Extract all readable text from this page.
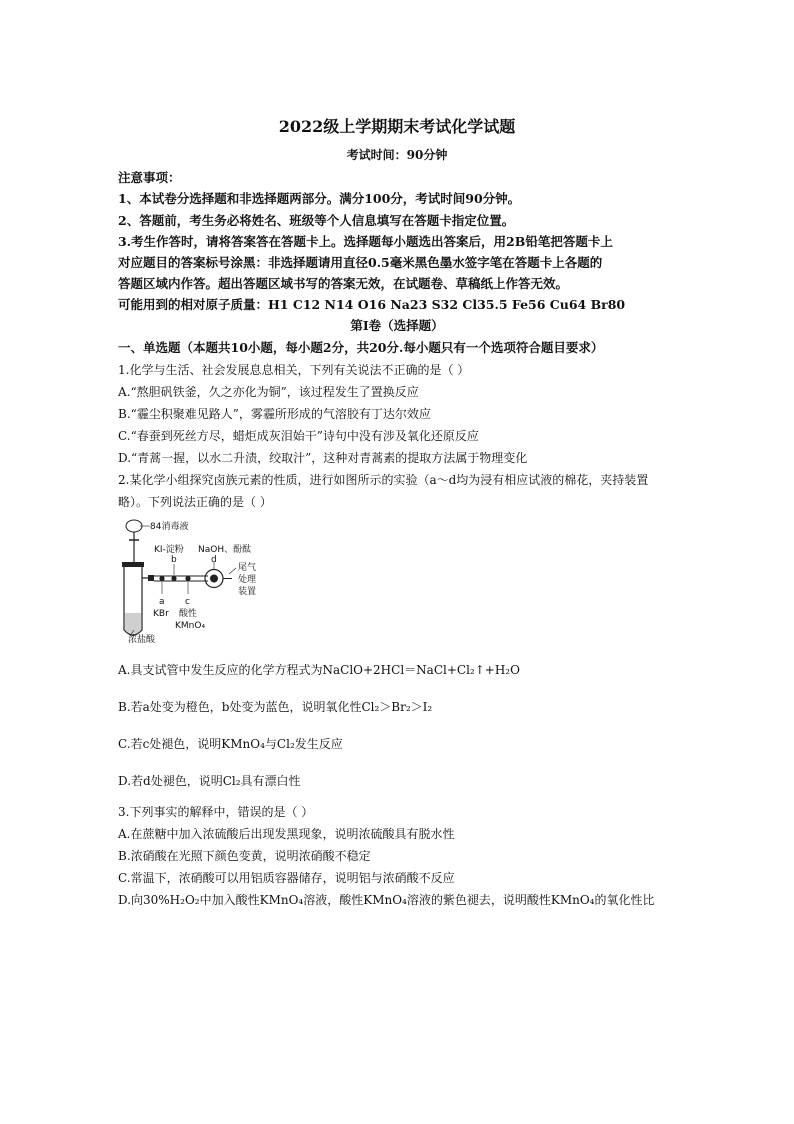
2022级上学期期末考试化学试题
考试时间：90分钟
注意事项：
1、本试卷分选择题和非选择题两部分。满分100分，考试时间90分钟。
2、答题前，考生务必将姓名、班级等个人信息填写在答题卡指定位置。
3.考生作答时，请将答案答在答题卡上。选择题每小题选出答案后，用2B铅笔把答题卡上
对应题目的答案标号涂黑：非选择题请用直径0.5毫米黑色墨水签字笔在答题卡上各题的
答题区域内作答。超出答题区域书写的答案无效，在试题卷、草稿纸上作答无效。
可能用到的相对原子质量：H1 C12 N14 O16 Na23 S32 Cl35.5 Fe56 Cu64 Br80
第I卷（选择题）
一、单选题（本题共10小题，每小题2分，共20分.每小题只有一个选项符合题目要求）
1.化学与生活、社会发展息息相关，下列有关说法不正确的是（ ）
A.“熬胆矾铁釜，久之亦化为铜”，该过程发生了置换反应
B.“霾尘积聚难见路人”，雾霾所形成的气溶胶有丁达尔效应
C.“春蚕到死丝方尽，蜡炬成灰泪始干”诗句中没有涉及氧化还原反应
D.“青蒿一握，以水二升渍，绞取汁”，这种对青蒿素的提取方法属于物理变化
2.某化学小组探究卤族元素的性质，进行如图所示的实验（a～d均为浸有相应试液的棉花，夹持装置
略）。下列说法正确的是（ ）
84消毒液
KI-淀粉
b
NaOH、酚酞
d
尾气
处理
装置
a
KBr
c
酸性
KMnO₄
浓盐酸
A.具支试管中发生反应的化学方程式为NaClO+2HCl＝NaCl+Cl₂↑+H₂O
B.若a处变为橙色，b处变为蓝色，说明氧化性Cl₂＞Br₂＞I₂
C.若c处褪色，说明KMnO₄与Cl₂发生反应
D.若d处褪色，说明Cl₂具有漂白性
3.下列事实的解释中，错误的是（ ）
A.在蔗糖中加入浓硫酸后出现发黑现象，说明浓硫酸具有脱水性
B.浓硝酸在光照下颜色变黄，说明浓硝酸不稳定
C.常温下，浓硝酸可以用铝质容器储存，说明铝与浓硝酸不反应
D.向30%H₂O₂中加入酸性KMnO₄溶液，酸性KMnO₄溶液的紫色褪去，说明酸性KMnO₄的氧化性比
